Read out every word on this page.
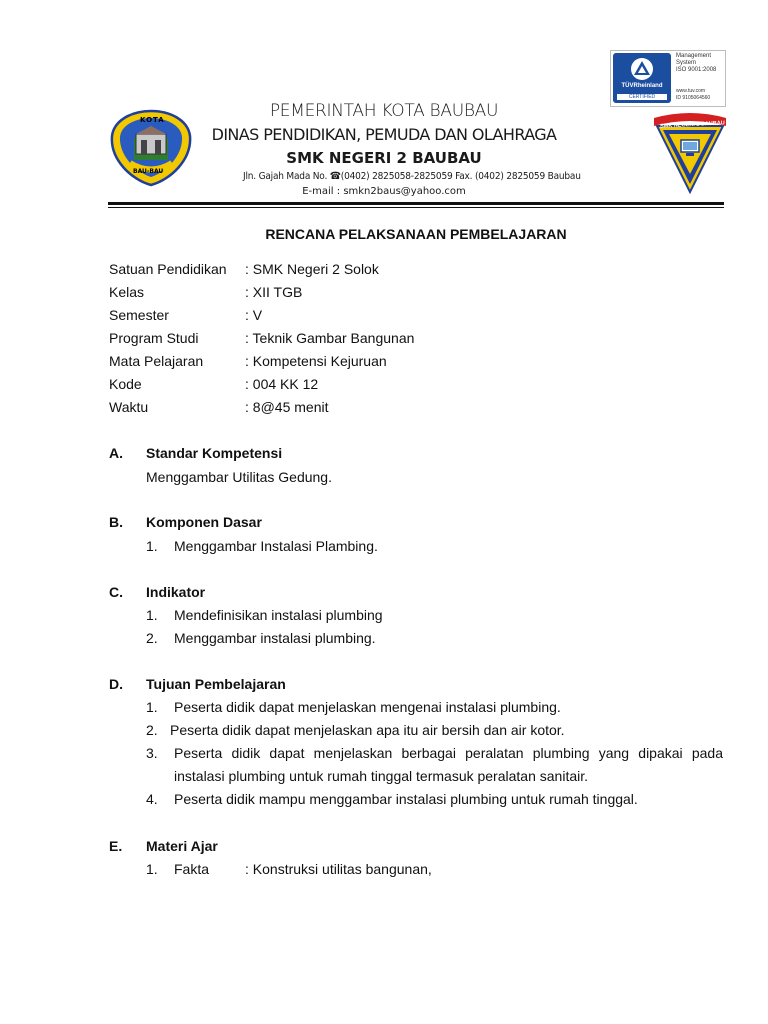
KOTA
BAU-BAU
TÜVRheinland
CERTIFIED
Management
System
ISO 9001:2008
www.tuv.com
ID 9105064560
SMK NEGERI 2 BAUBAU
PEMERINTAH KOTA BAUBAU
DINAS PENDIDIKAN, PEMUDA DAN OLAHRAGA
SMK NEGERI 2 BAUBAU
Jln. Gajah Mada No. ☎(0402) 2825058-2825059 Fax. (0402) 2825059 Baubau
E-mail : smkn2baus@yahoo.com
RENCANA PELAKSANAAN PEMBELAJARAN
Satuan Pendidikan : SMK Negeri 2 Solok
Kelas	: XII TGB
Semester	: V
Program Studi	: Teknik Gambar Bangunan
Mata Pelajaran	: Kompetensi Kejuruan
Kode	: 004 KK 12
Waktu	: 8@45 menit
A. Standar Kompetensi
Menggambar Utilitas Gedung.
B. Komponen Dasar
1. Menggambar Instalasi Plambing.
C. Indikator
1. Mendefinisikan instalasi plumbing
2. Menggambar instalasi plumbing.
D. Tujuan Pembelajaran
1. Peserta didik dapat menjelaskan mengenai instalasi plumbing.
2. Peserta didik dapat menjelaskan apa itu air bersih dan air kotor.
3. Peserta didik dapat menjelaskan berbagai peralatan plumbing yang dipakai pada
instalasi plumbing untuk rumah tinggal termasuk peralatan sanitair.
4. Peserta didik mampu menggambar instalasi plumbing untuk rumah tinggal.
E. Materi Ajar
1. Fakta	: Konstruksi utilitas bangunan,
